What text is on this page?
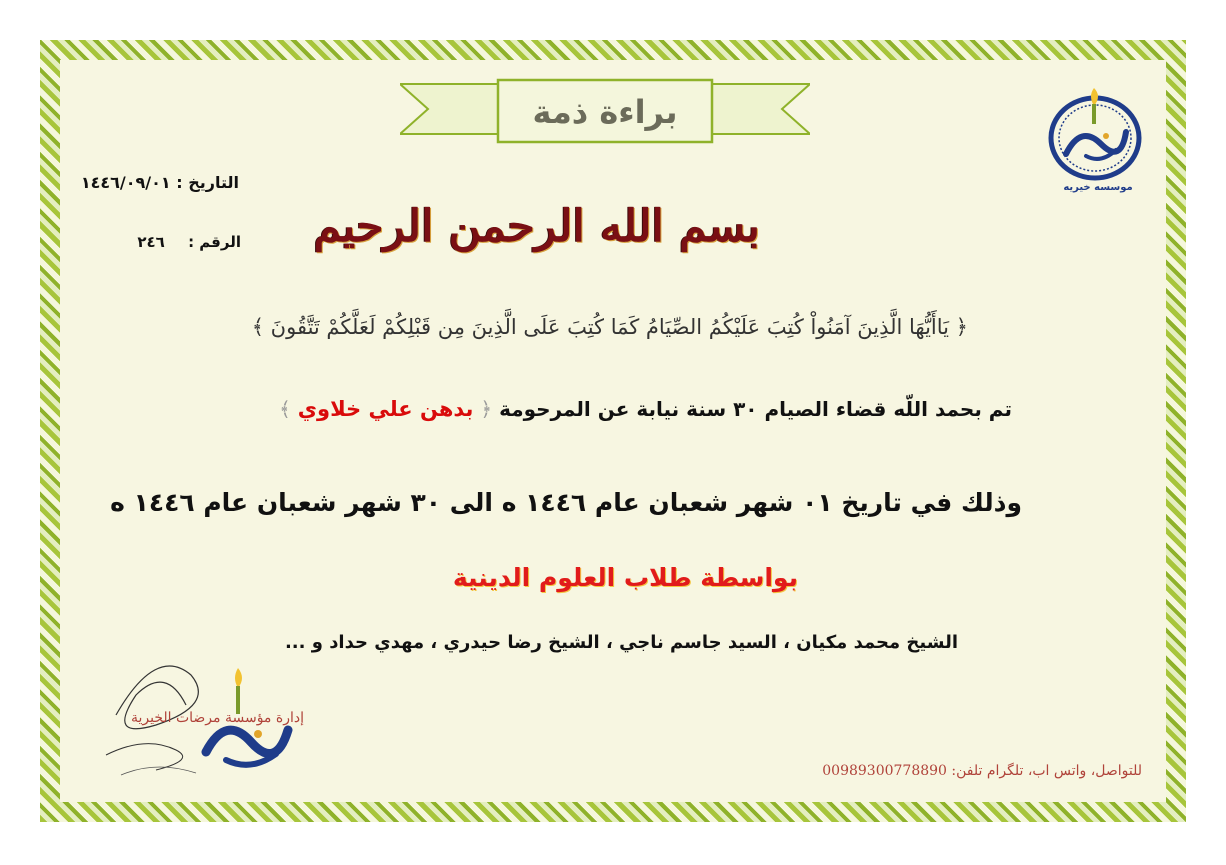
براءة ذمة
التاريخ : ١٤٤٦/٠٩/٠١
الرقم : ٢٤٦	بسم الله الرحمن الرحيم
﴿ يَاأَيُّهَا الَّذِينَ آمَنُواْ كُتِبَ عَلَيْكُمُ الصِّيَامُ كَمَا كُتِبَ عَلَى الَّذِينَ مِن قَبْلِكُمْ لَعَلَّكُمْ تَتَّقُونَ ﴾
تم بحمد اللّه قضاء الصيام ٣٠ سنة نيابة عن المرحومة ﴿ بدهن علي خلاوي ﴾
وذلك في تاريخ ٠١ شهر شعبان عام ١٤٤٦ ه الى ٣٠ شهر شعبان عام ١٤٤٦ ه
بواسطة طلاب العلوم الدينية
الشيخ محمد مكيان ، السيد جاسم ناجي ، الشيخ رضا حيدري ، مهدي حداد و ...
موسسه خیریه
إدارة مؤسسة مرضات الخيرية
للتواصل، واتس اب، تلگرام تلفن: 00989300778890
